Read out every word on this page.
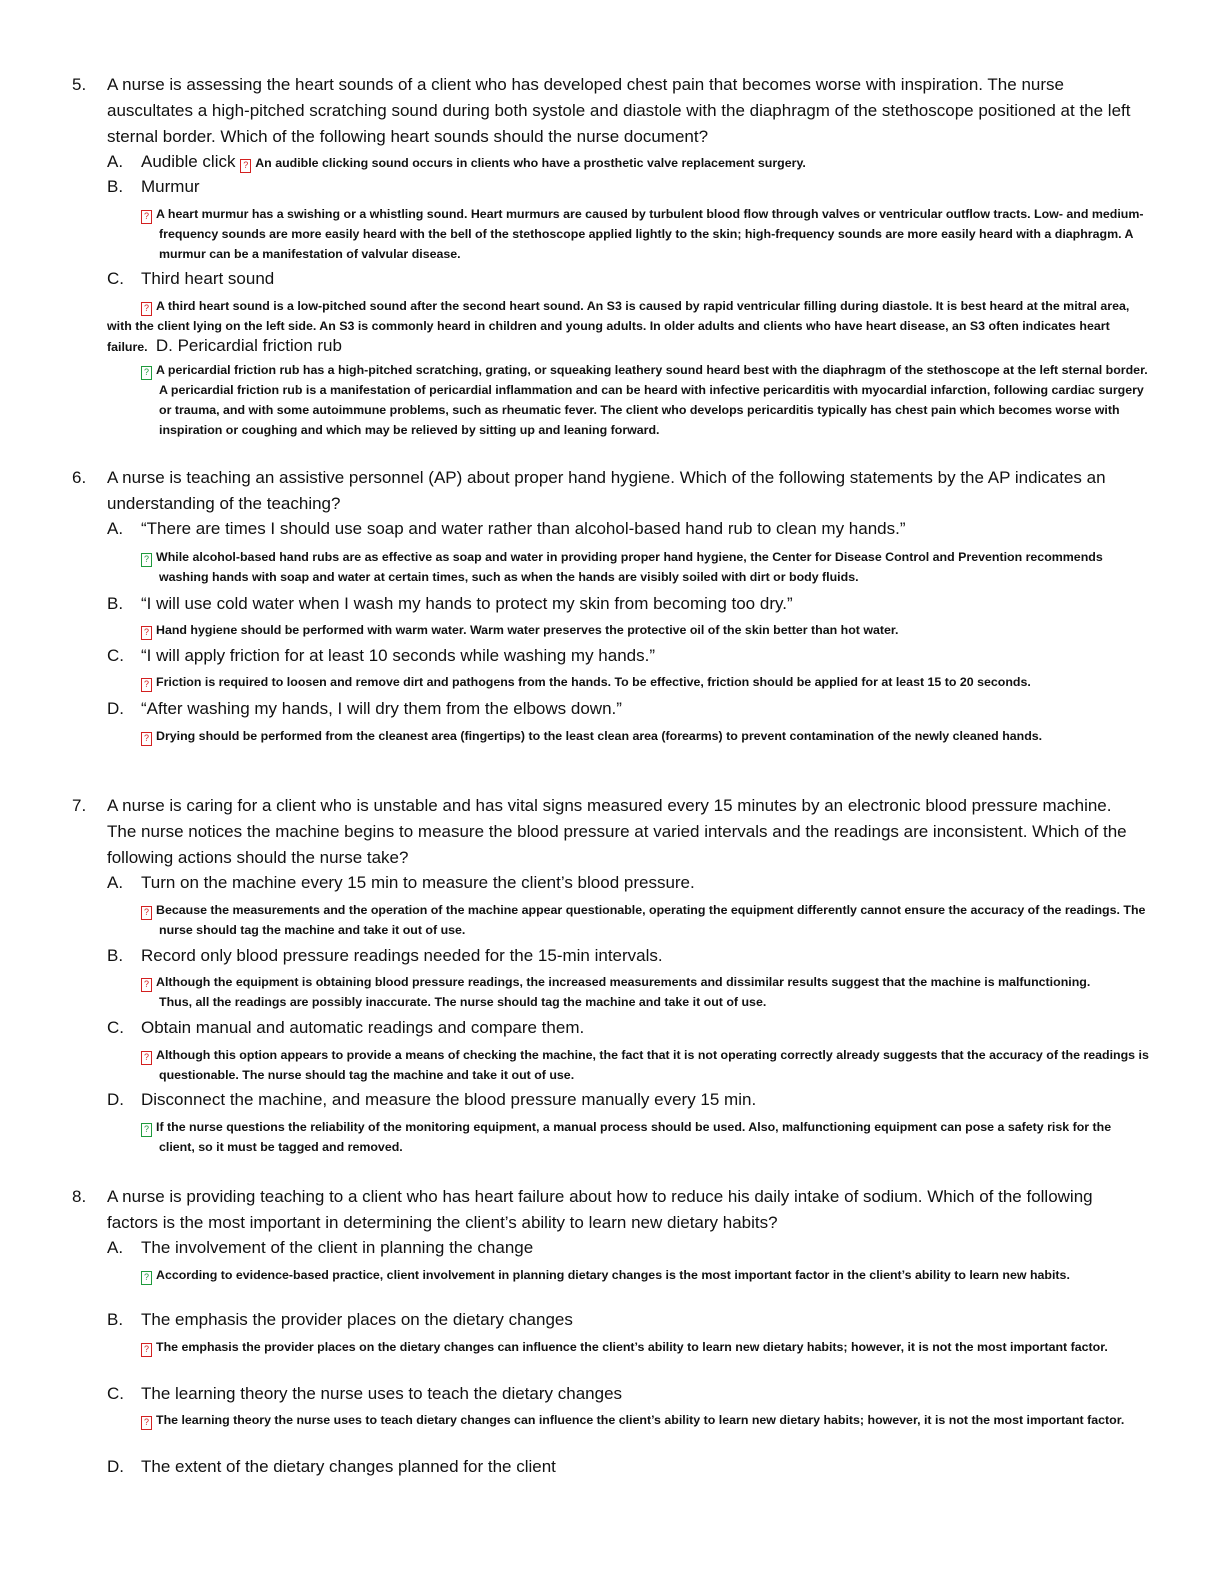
5. A nurse is assessing the heart sounds of a client who has developed chest pain that becomes worse with inspiration. The nurse auscultates a high-pitched scratching sound during both systole and diastole with the diaphragm of the stethoscope positioned at the left sternal border. Which of the following heart sounds should the nurse document?
A. Audible click ? An audible clicking sound occurs in clients who have a prosthetic valve replacement surgery.
B. Murmur
? A heart murmur has a swishing or a whistling sound. Heart murmurs are caused by turbulent blood flow through valves or ventricular outflow tracts. Low- and medium-frequency sounds are more easily heard with the bell of the stethoscope applied lightly to the skin; high-frequency sounds are more easily heard with a diaphragm. A murmur can be a manifestation of valvular disease.
C. Third heart sound
? A third heart sound is a low-pitched sound after the second heart sound. An S3 is caused by rapid ventricular filling during diastole. It is best heard at the mitral area, with the client lying on the left side. An S3 is commonly heard in children and young adults. In older adults and clients who have heart disease, an S3 often indicates heart failure. D. Pericardial friction rub
? A pericardial friction rub has a high-pitched scratching, grating, or squeaking leathery sound heard best with the diaphragm of the stethoscope at the left sternal border. A pericardial friction rub is a manifestation of pericardial inflammation and can be heard with infective pericarditis with myocardial infarction, following cardiac surgery or trauma, and with some autoimmune problems, such as rheumatic fever. The client who develops pericarditis typically has chest pain which becomes worse with inspiration or coughing and which may be relieved by sitting up and leaning forward.
6. A nurse is teaching an assistive personnel (AP) about proper hand hygiene. Which of the following statements by the AP indicates an understanding of the teaching?
A. “There are times I should use soap and water rather than alcohol-based hand rub to clean my hands.”
? While alcohol-based hand rubs are as effective as soap and water in providing proper hand hygiene, the Center for Disease Control and Prevention recommends washing hands with soap and water at certain times, such as when the hands are visibly soiled with dirt or body fluids.
B. “I will use cold water when I wash my hands to protect my skin from becoming too dry.”
? Hand hygiene should be performed with warm water. Warm water preserves the protective oil of the skin better than hot water.
C. “I will apply friction for at least 10 seconds while washing my hands.”
? Friction is required to loosen and remove dirt and pathogens from the hands. To be effective, friction should be applied for at least 15 to 20 seconds.
D. “After washing my hands, I will dry them from the elbows down.”
? Drying should be performed from the cleanest area (fingertips) to the least clean area (forearms) to prevent contamination of the newly cleaned hands.
7. A nurse is caring for a client who is unstable and has vital signs measured every 15 minutes by an electronic blood pressure machine. The nurse notices the machine begins to measure the blood pressure at varied intervals and the readings are inconsistent. Which of the following actions should the nurse take?
A. Turn on the machine every 15 min to measure the client’s blood pressure.
? Because the measurements and the operation of the machine appear questionable, operating the equipment differently cannot ensure the accuracy of the readings. The nurse should tag the machine and take it out of use.
B. Record only blood pressure readings needed for the 15-min intervals.
? Although the equipment is obtaining blood pressure readings, the increased measurements and dissimilar results suggest that the machine is malfunctioning. Thus, all the readings are possibly inaccurate. The nurse should tag the machine and take it out of use.
C. Obtain manual and automatic readings and compare them.
? Although this option appears to provide a means of checking the machine, the fact that it is not operating correctly already suggests that the accuracy of the readings is questionable. The nurse should tag the machine and take it out of use.
D. Disconnect the machine, and measure the blood pressure manually every 15 min.
? If the nurse questions the reliability of the monitoring equipment, a manual process should be used. Also, malfunctioning equipment can pose a safety risk for the client, so it must be tagged and removed.
8. A nurse is providing teaching to a client who has heart failure about how to reduce his daily intake of sodium. Which of the following factors is the most important in determining the client’s ability to learn new dietary habits?
A. The involvement of the client in planning the change
? According to evidence-based practice, client involvement in planning dietary changes is the most important factor in the client’s ability to learn new habits.
B. The emphasis the provider places on the dietary changes
? The emphasis the provider places on the dietary changes can influence the client’s ability to learn new dietary habits; however, it is not the most important factor.
C. The learning theory the nurse uses to teach the dietary changes
? The learning theory the nurse uses to teach dietary changes can influence the client’s ability to learn new dietary habits; however, it is not the most important factor.
D. The extent of the dietary changes planned for the client
